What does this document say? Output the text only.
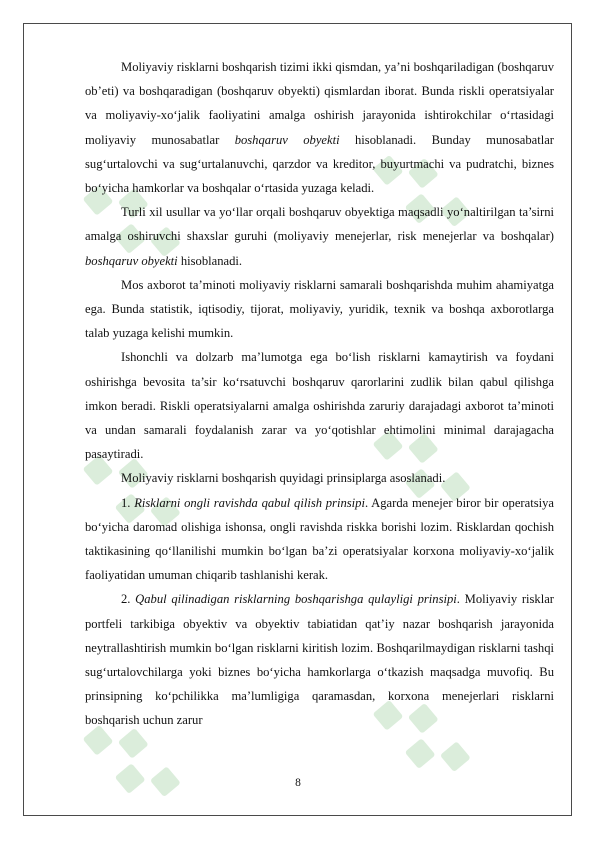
Moliyaviy risklarni boshqarish tizimi ikki qismdan, ya’ni boshqariladigan (boshqaruv ob’eti) va boshqaradigan (boshqaruv obyekti) qismlardan iborat. Bunda riskli operatsiyalar va moliyaviy-xo‘jalik faoliyatini amalga oshirish jarayonida ishtirokchilar o‘rtasidagi moliyaviy munosabatlar boshqaruv obyekti hisoblanadi. Bunday munosabatlar sug‘urtalovchi va sug‘urtalanuvchi, qarzdor va kreditor, buyurtmachi va pudratchi, biznes bo‘yicha hamkorlar va boshqalar o‘rtasida yuzaga keladi.

Turli xil usullar va yo‘llar orqali boshqaruv obyektiga maqsadli yo‘naltirilgan ta’sirni amalga oshiruvchi shaxslar guruhi (moliyaviy menejerlar, risk menejerlar va boshqalar) boshqaruv obyekti hisoblanadi.

Mos axborot ta’minoti moliyaviy risklarni samarali boshqarishda muhim ahamiyatga ega. Bunda statistik, iqtisodiy, tijorat, moliyaviy, yuridik, texnik va boshqa axborotlarga talab yuzaga kelishi mumkin.

Ishonchli va dolzarb ma’lumotga ega bo‘lish risklarni kamaytirish va foydani oshirishga bevosita ta’sir ko‘rsatuvchi boshqaruv qarorlarini zudlik bilan qabul qilishga imkon beradi. Riskli operatsiyalarni amalga oshirishda zaruriy darajadagi axborot ta’minoti va undan samarali foydalanish zarar va yo‘qotishlar ehtimolini minimal darajagacha pasaytiradi.

Moliyaviy risklarni boshqarish quyidagi prinsiplarga asoslanadi.

1. Risklarni ongli ravishda qabul qilish prinsipi. Agarda menejer biror bir operatsiya bo‘yicha daromad olishiga ishonsa, ongli ravishda riskka borishi lozim. Risklardan qochish taktikasining qo‘llanilishi mumkin bo‘lgan ba’zi operatsiyalar korxona moliyaviy-xo‘jalik faoliyatidan umuman chiqarib tashlanishi kerak.

2. Qabul qilinadigan risklarning boshqarishga qulayligi prinsipi. Moliyaviy risklar portfeli tarkibiga obyektiv va obyektiv tabiatidan qat’iy nazar boshqarish jarayonida neytrallashtirish mumkin bo‘lgan risklarni kiritish lozim. Boshqarilmaydigan risklarni tashqi sug‘urtalovchilarga yoki biznes bo‘yicha hamkorlarga o‘tkazish maqsadga muvofiq. Bu prinsipning ko‘pchilikka ma’lumligiga qaramasdan, korxona menejerlari risklarni boshqarish uchun zarur

8
